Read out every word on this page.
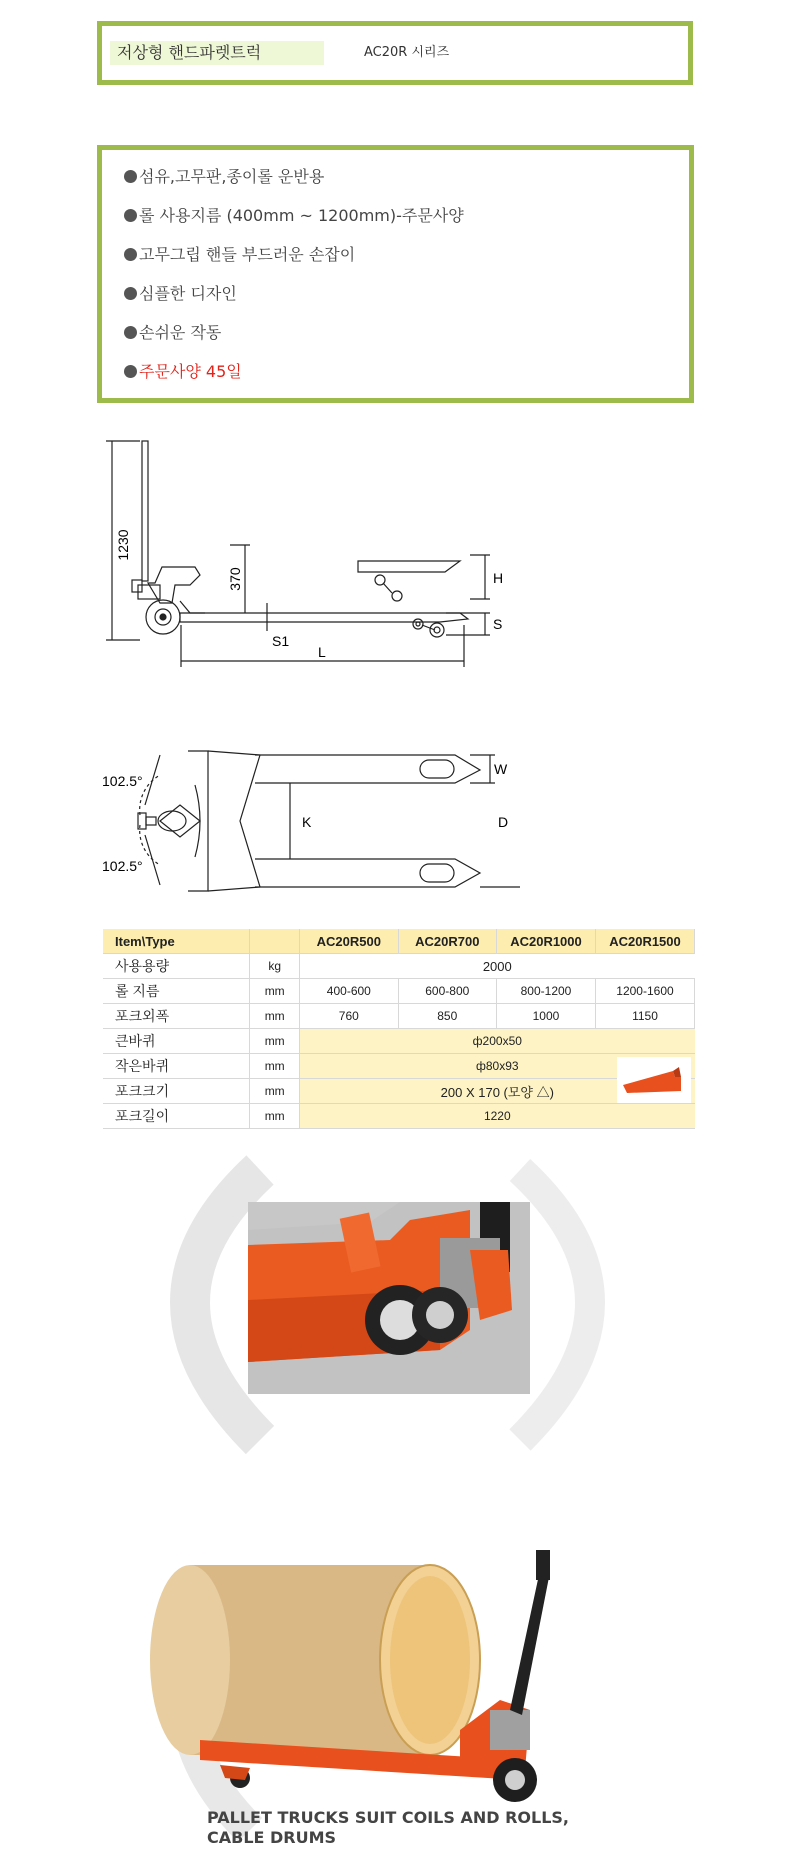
저상형 핸드파렛트럭	AC20R 시리즈
섬유,고무판,종이롤 운반용
롤 사용지름 (400mm ~ 1200mm)-주문사양
고무그립 핸들 부드러운 손잡이
심플한 디자인
손쉬운 작동
주문사양 45일
1230
370	H
S
S1
L
102.5°
102.5°
W
K	D
Item\Type		AC20R500	AC20R700	AC20R1000	AC20R1500
사용용량	kg	2000			
롤 지름	mm	400-600	600-800	800-1200	1200-1600
포크외폭	mm	760	850	1000	1150
큰바퀴	mm	ф200x50			
작은바퀴	mm	ф80x93			
포크크기	mm	200 X 170 (모양 △)			

포크길이	mm	1220			
PALLET TRUCKS SUIT COILS AND ROLLS,
CABLE DRUMS
